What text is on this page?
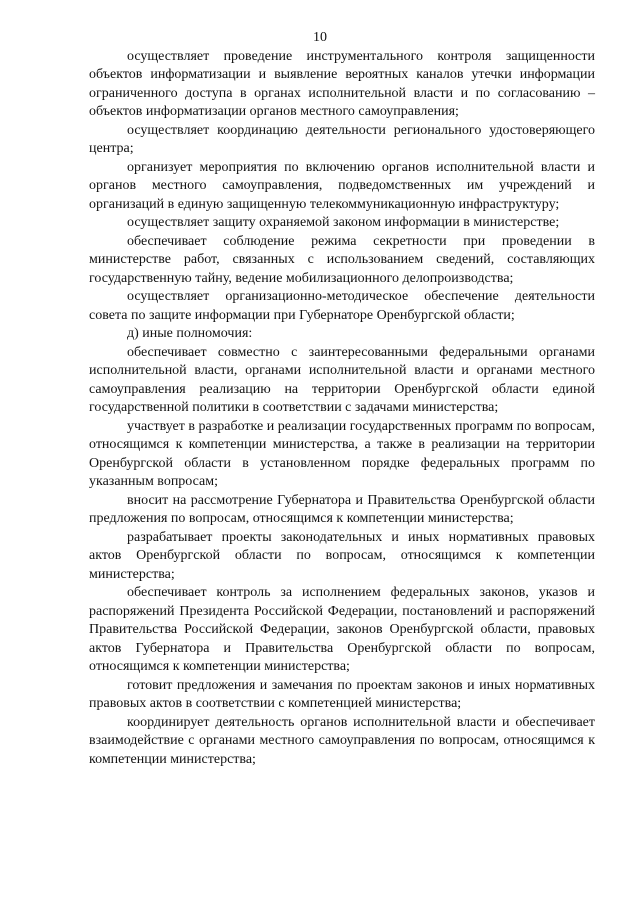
10

осуществляет проведение инструментального контроля защищенности объектов информатизации и выявление вероятных каналов утечки информации ограниченного доступа в органах исполнительной власти и по согласованию – объектов информатизации органов местного самоуправления;

осуществляет координацию деятельности регионального удостоверяющего центра;

организует мероприятия по включению органов исполнительной власти и органов местного самоуправления, подведомственных им учреждений и организаций в единую защищенную телекоммуникационную инфраструктуру;

осуществляет защиту охраняемой законом информации в министерстве;

обеспечивает соблюдение режима секретности при проведении в министерстве работ, связанных с использованием сведений, составляющих государственную тайну, ведение мобилизационного делопроизводства;

осуществляет организационно-методическое обеспечение деятельности совета по защите информации при Губернаторе Оренбургской области;

д) иные полномочия:

обеспечивает совместно с заинтересованными федеральными органами исполнительной власти, органами исполнительной власти и органами местного самоуправления реализацию на территории Оренбургской области единой государственной политики в соответствии с задачами министерства;

участвует в разработке и реализации государственных программ по вопросам, относящимся к компетенции министерства, а также в реализации на территории Оренбургской области в установленном порядке федеральных программ по указанным вопросам;

вносит на рассмотрение Губернатора и Правительства Оренбургской области предложения по вопросам, относящимся к компетенции министерства;

разрабатывает проекты законодательных и иных нормативных правовых актов Оренбургской области по вопросам, относящимся к компетенции министерства;

обеспечивает контроль за исполнением федеральных законов, указов и распоряжений Президента Российской Федерации, постановлений и распоряжений Правительства Российской Федерации, законов Оренбургской области, правовых актов Губернатора и Правительства Оренбургской области по вопросам, относящимся к компетенции министерства;

готовит предложения и замечания по проектам законов и иных нормативных правовых актов в соответствии с компетенцией министерства;

координирует деятельность органов исполнительной власти и обеспечивает взаимодействие с органами местного самоуправления по вопросам, относящимся к компетенции министерства;
